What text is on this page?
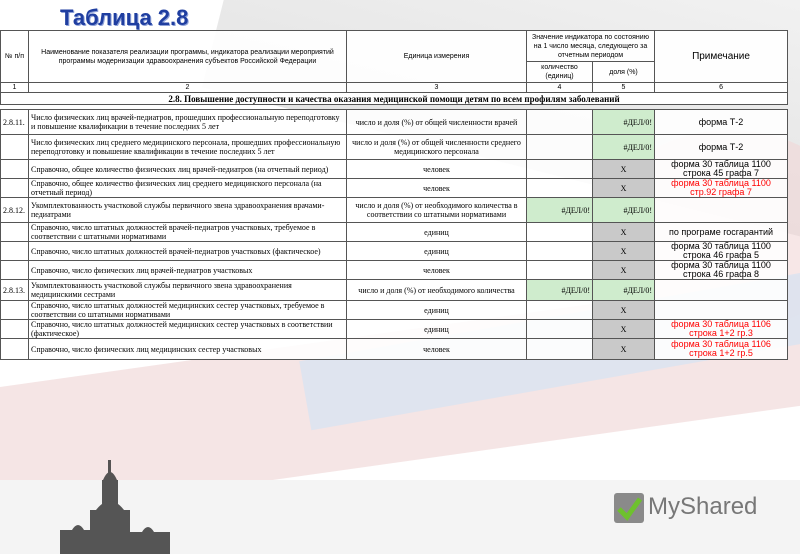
Таблица 2.8
№ п/п	Наименование показателя реализации программы, индикатора реализации мероприятий программы модернизации здравоохранения субъектов Российской Федерации	Единица измерения	Значение индикатора по состоянию на 1 число месяца, следующего за отчетным периодом		Примечание
			количество (единиц)	доля (%)	
1	2	3	4	5	6
2.8. Повышение доступности и качества оказания медицинской помощи детям по всем профилям заболеваний					

2.8.11.	Число физических лиц врачей-педиатров, прошедших профессиональную переподготовку и повышение квалификации в течение последних 5 лет	число и доля (%) от общей численности врачей		#ДЕЛ/0!	форма Т-2
	Число физических лиц среднего медицинского персонала, прошедших профессиональную переподготовку и повышение квалификации в течение последних 5 лет	число и доля (%) от общей численности среднего медицинского персонала		#ДЕЛ/0!	форма Т-2
	Справочно, общее количество физических лиц врачей-педиатров (на отчетный период)	человек		Х	форма 30 таблица 1100 строка 45 графа 7
	Справочно, общее количество физических лиц среднего медицинского персонала (на отчетный период)	человек		Х	форма 30 таблица 1100 стр.92 графа 7
2.8.12.	Укомплектованность участковой службы первичного звена здравоохранения врачами-педиатрами	число и доля (%) от необходимого количества в соответствии со штатными нормативами	#ДЕЛ/0!	#ДЕЛ/0!	
	Справочно, число штатных должностей врачей-педиатров участковых, требуемое в соответствии с штатными нормативами	единиц		Х	по програме госгарантий
	Справочно, число штатных должностей врачей-педиатров участковых (фактическое)	единиц		Х	форма 30 таблица 1100 строка 46 графа 5
	Справочно, число физических лиц врачей-педиатров участковых	человек		Х	форма 30 таблица 1100 строка 46 графа 8
2.8.13.	Укомплектованность участковой службы первичного звена здравоохранения медицинскими сестрами	число и доля (%) от необходимого количества	#ДЕЛ/0!	#ДЕЛ/0!	
	Справочно, число штатных должностей медицинских сестер участковых, требуемое в соответствии со штатными нормативами	единиц		Х	
	Справочно, число штатных должностей медицинских сестер участковых в соответствии (фактическое)	единиц		Х	форма 30 таблица 1106 строка 1+2 гр.3
	Справочно, число физических лиц медицинских сестер участковых	человек		Х	форма 30 таблица 1106 строка 1+2 гр.5
MyShared
